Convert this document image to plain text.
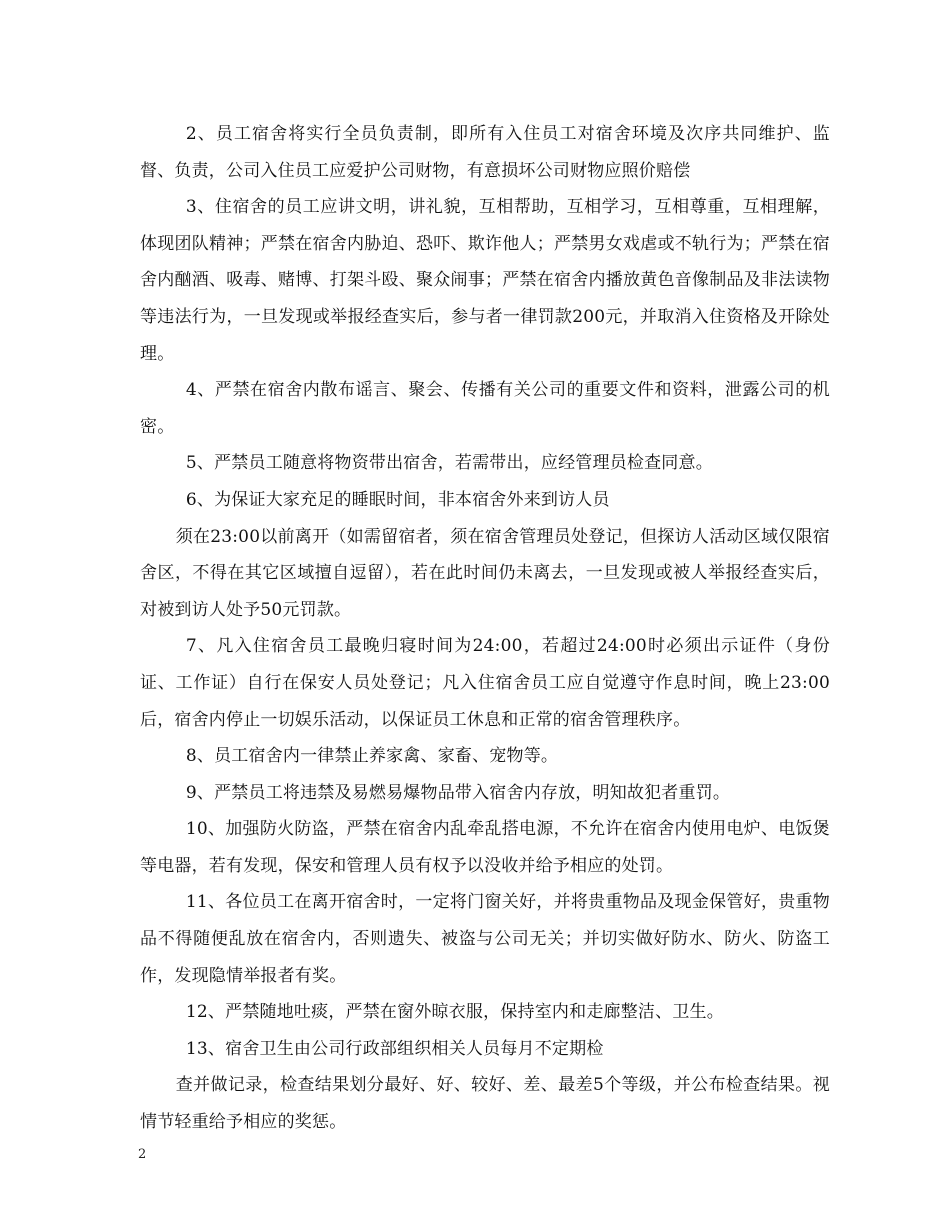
2、员工宿舍将实行全员负责制，即所有入住员工对宿舍环境及次序共同维护、监督、负责，公司入住员工应爱护公司财物，有意损坏公司财物应照价赔偿

3、住宿舍的员工应讲文明，讲礼貌，互相帮助，互相学习，互相尊重，互相理解，体现团队精神；严禁在宿舍内胁迫、恐吓、欺诈他人；严禁男女戏虐或不轨行为；严禁在宿舍内酗酒、吸毒、赌博、打架斗殴、聚众闹事；严禁在宿舍内播放黄色音像制品及非法读物等违法行为，一旦发现或举报经查实后，参与者一律罚款200元，并取消入住资格及开除处理。

4、严禁在宿舍内散布谣言、聚会、传播有关公司的重要文件和资料，泄露公司的机密。

5、严禁员工随意将物资带出宿舍，若需带出，应经管理员检查同意。

6、为保证大家充足的睡眠时间，非本宿舍外来到访人员

须在23:00以前离开（如需留宿者，须在宿舍管理员处登记，但探访人活动区域仅限宿舍区，不得在其它区域擅自逗留），若在此时间仍未离去，一旦发现或被人举报经查实后，对被到访人处予50元罚款。

7、凡入住宿舍员工最晚归寝时间为24:00，若超过24:00时必须出示证件（身份证、工作证）自行在保安人员处登记；凡入住宿舍员工应自觉遵守作息时间，晚上23:00后，宿舍内停止一切娱乐活动，以保证员工休息和正常的宿舍管理秩序。

8、员工宿舍内一律禁止养家禽、家畜、宠物等。

9、严禁员工将违禁及易燃易爆物品带入宿舍内存放，明知故犯者重罚。

10、加强防火防盗，严禁在宿舍内乱牵乱搭电源，不允许在宿舍内使用电炉、电饭煲等电器，若有发现，保安和管理人员有权予以没收并给予相应的处罚。

11、各位员工在离开宿舍时，一定将门窗关好，并将贵重物品及现金保管好，贵重物品不得随便乱放在宿舍内，否则遗失、被盗与公司无关；并切实做好防水、防火、防盗工作，发现隐情举报者有奖。

12、严禁随地吐痰，严禁在窗外晾衣服，保持室内和走廊整洁、卫生。

13、宿舍卫生由公司行政部组织相关人员每月不定期检

查并做记录，检查结果划分最好、好、较好、差、最差5个等级，并公布检查结果。视情节轻重给予相应的奖惩。

2
